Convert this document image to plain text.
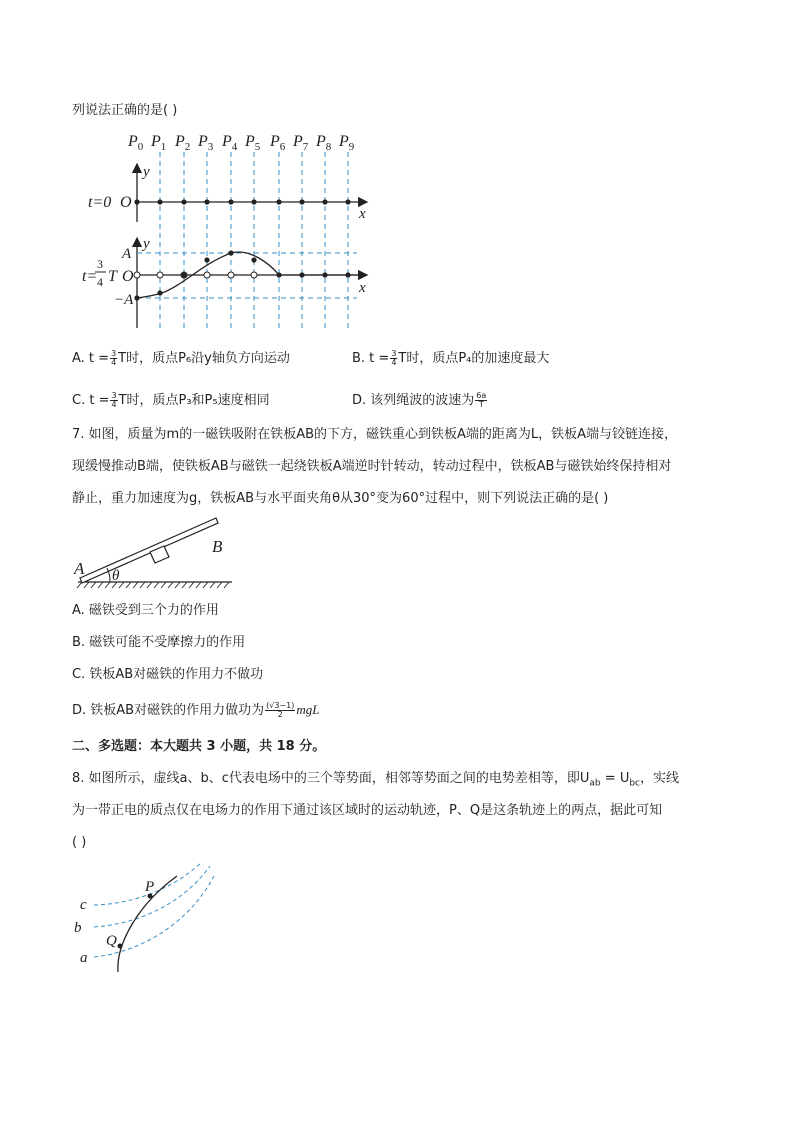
列说法正确的是( )
$P_0$ $P_1$ $P_2$ $P_3$ $P_4$ $P_5$ $P_6$ $P_7$ $P_8$ $P_9$
t=0 O
y
x
y
x
A
−A
O
t=
3
4 T
A. $t = \frac{3}{4}$ T时，质点P₆沿y轴负方向运动	B. $t = \frac{3}{4}$ T时，质点P₄的加速度最大
C. $t = \frac{3}{4}$ T时，质点P₃和P₅速度相同	D. 该列绳波的波速为 $\frac{6a}{T}$
7. 如图，质量为m的一磁铁吸附在铁板AB的下方，磁铁重心到铁板A端的距离为L，铁板A端与铰链连接，
现缓慢推动B端，使铁板AB与磁铁一起绕铁板A端逆时针转动，转动过程中，铁板AB与磁铁始终保持相对
静止，重力加速度为g，铁板AB与水平面夹角θ从30°变为60°过程中，则下列说法正确的是( )
A
B
θ
A. 磁铁受到三个力的作用
B. 磁铁可能不受摩擦力的作用
C. 铁板AB对磁铁的作用力不做功
D. 铁板AB对磁铁的作用力做功为 $\frac{(√3-1)}{2}$ mgL
二、多选题：本大题共 3 小题，共 18 分。
8. 如图所示，虚线a、b、c代表电场中的三个等势面，相邻等势面之间的电势差相等，即$U_{ab} = U_{bc}$，实线
为一带正电的质点仅在电场力的作用下通过该区域时的运动轨迹，P、Q是这条轨迹上的两点，据此可知
( )
c
b
a
P
Q
